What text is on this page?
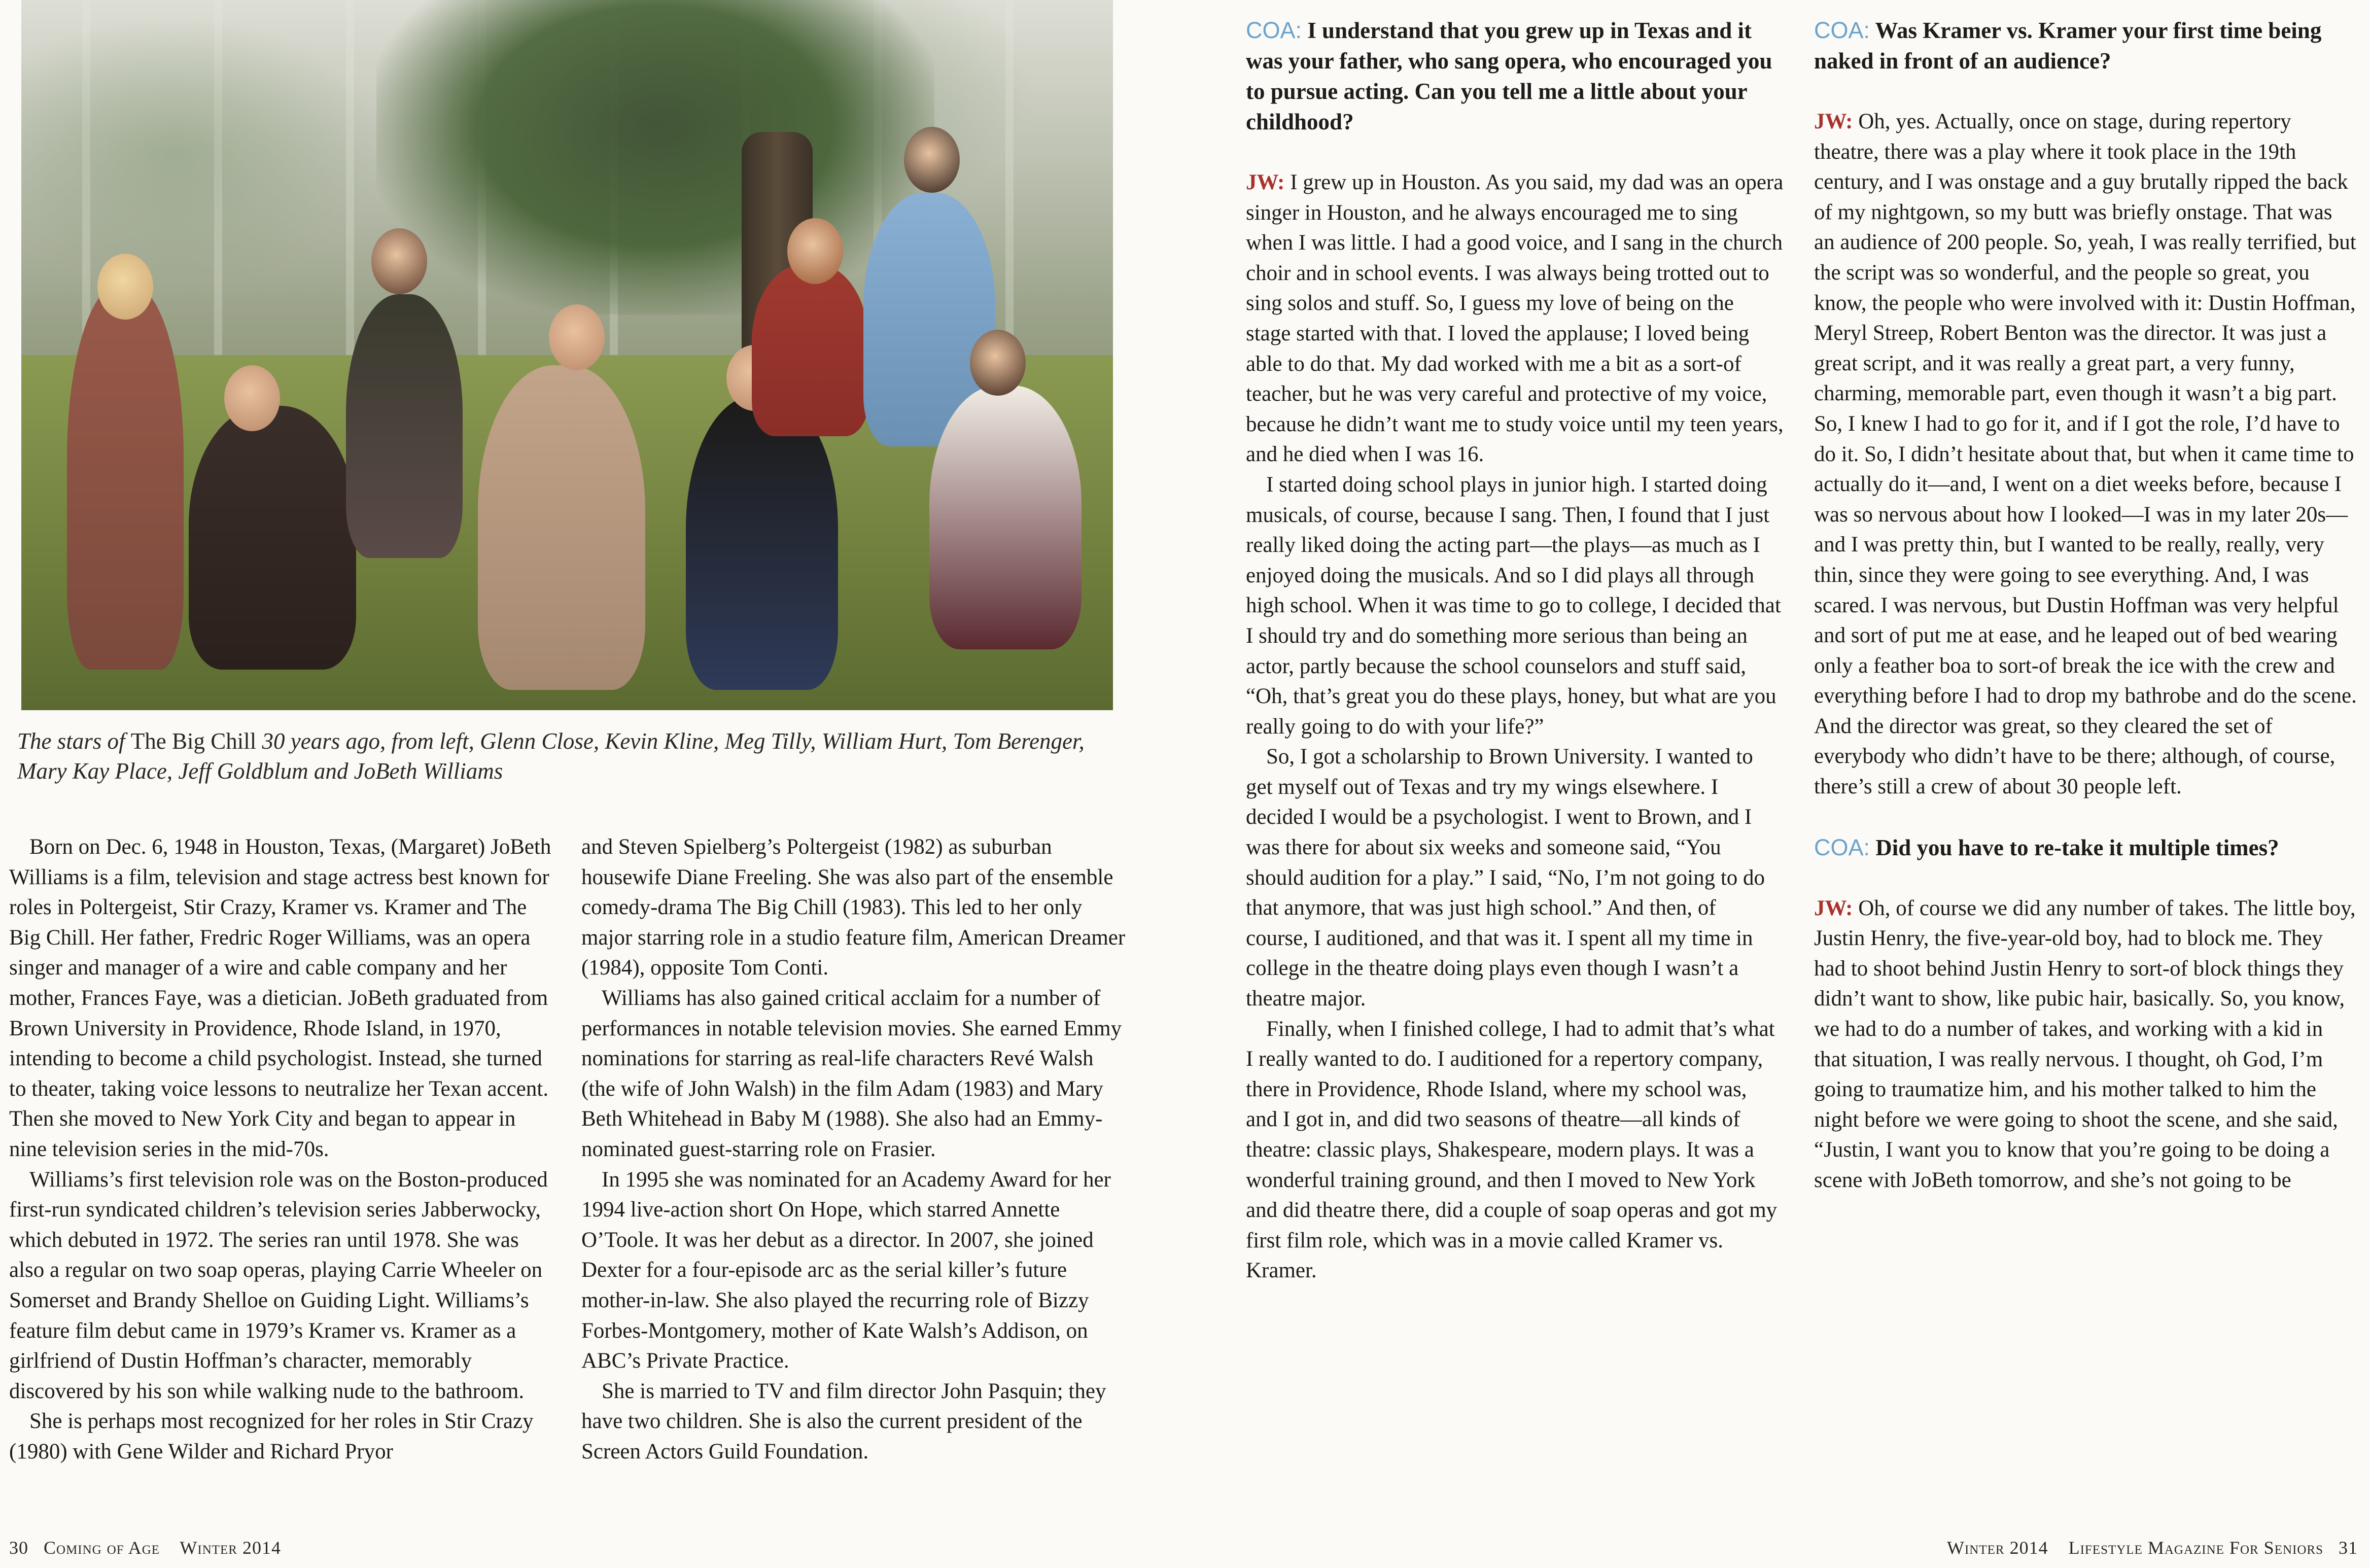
The stars of The Big Chill 30 years ago, from left, Glenn Close, Kevin Kline, Meg Tilly, William Hurt, Tom Berenger, Mary Kay Place, Jeff Goldblum and JoBeth Williams

Born on Dec. 6, 1948 in Houston, Texas, (Margaret) JoBeth Williams is a film, television and stage actress best known for roles in Poltergeist, Stir Crazy, Kramer vs. Kramer and The Big Chill. Her father, Fredric Roger Williams, was an opera singer and manager of a wire and cable company and her mother, Frances Faye, was a dietician. JoBeth graduated from Brown University in Providence, Rhode Island, in 1970, intending to become a child psychologist. Instead, she turned to theater, taking voice lessons to neutralize her Texan accent. Then she moved to New York City and began to appear in nine television series in the mid-70s.

Williams’s first television role was on the Boston-produced first-run syndicated children’s television series Jabberwocky, which debuted in 1972. The series ran until 1978. She was also a regular on two soap operas, playing Carrie Wheeler on Somerset and Brandy Shelloe on Guiding Light. Williams’s feature film debut came in 1979’s Kramer vs. Kramer as a girlfriend of Dustin Hoffman’s character, memorably discovered by his son while walking nude to the bathroom.

She is perhaps most recognized for her roles in Stir Crazy (1980) with Gene Wilder and Richard Pryor

and Steven Spielberg’s Poltergeist (1982) as suburban housewife Diane Freeling. She was also part of the ensemble comedy-drama The Big Chill (1983). This led to her only major starring role in a studio feature film, American Dreamer (1984), opposite Tom Conti.

Williams has also gained critical acclaim for a number of performances in notable television movies. She earned Emmy nominations for starring as real-life characters Revé Walsh (the wife of John Walsh) in the film Adam (1983) and Mary Beth Whitehead in Baby M (1988). She also had an Emmy-nominated guest-starring role on Frasier.

In 1995 she was nominated for an Academy Award for her 1994 live-action short On Hope, which starred Annette O’Toole. It was her debut as a director. In 2007, she joined Dexter for a four-episode arc as the serial killer’s future mother-in-law. She also played the recurring role of Bizzy Forbes-Montgomery, mother of Kate Walsh’s Addison, on ABC’s Private Practice.

She is married to TV and film director John Pasquin; they have two children. She is also the current president of the Screen Actors Guild Foundation.

30 Coming of Age Winter 2014

COA: I understand that you grew up in Texas and it was your father, who sang opera, who encouraged you to pursue acting. Can you tell me a little about your childhood?

JW: I grew up in Houston. As you said, my dad was an opera singer in Houston, and he always encouraged me to sing when I was little. I had a good voice, and I sang in the church choir and in school events. I was always being trotted out to sing solos and stuff. So, I guess my love of being on the stage started with that. I loved the applause; I loved being able to do that. My dad worked with me a bit as a sort-of teacher, but he was very careful and protective of my voice, because he didn’t want me to study voice until my teen years, and he died when I was 16.

I started doing school plays in junior high. I started doing musicals, of course, because I sang. Then, I found that I just really liked doing the acting part—the plays—as much as I enjoyed doing the musicals. And so I did plays all through high school. When it was time to go to college, I decided that I should try and do something more serious than being an actor, partly because the school counselors and stuff said, “Oh, that’s great you do these plays, honey, but what are you really going to do with your life?”

So, I got a scholarship to Brown University. I wanted to get myself out of Texas and try my wings elsewhere. I decided I would be a psychologist. I went to Brown, and I was there for about six weeks and someone said, “You should audition for a play.” I said, “No, I’m not going to do that anymore, that was just high school.” And then, of course, I auditioned, and that was it. I spent all my time in college in the theatre doing plays even though I wasn’t a theatre major.

Finally, when I finished college, I had to admit that’s what I really wanted to do. I auditioned for a repertory company, there in Providence, Rhode Island, where my school was, and I got in, and did two seasons of theatre—all kinds of theatre: classic plays, Shakespeare, modern plays. It was a wonderful training ground, and then I moved to New York and did theatre there, did a couple of soap operas and got my first film role, which was in a movie called Kramer vs. Kramer.

COA: Was Kramer vs. Kramer your first time being naked in front of an audience?

JW: Oh, yes. Actually, once on stage, during repertory theatre, there was a play where it took place in the 19th century, and I was onstage and a guy brutally ripped the back of my nightgown, so my butt was briefly onstage. That was an audience of 200 people. So, yeah, I was really terrified, but the script was so wonderful, and the people so great, you know, the people who were involved with it: Dustin Hoffman, Meryl Streep, Robert Benton was the director. It was just a great script, and it was really a great part, a very funny, charming, memorable part, even though it wasn’t a big part. So, I knew I had to go for it, and if I got the role, I’d have to do it. So, I didn’t hesitate about that, but when it came time to actually do it—and, I went on a diet weeks before, because I was so nervous about how I looked—I was in my later 20s—and I was pretty thin, but I wanted to be really, really, very thin, since they were going to see everything. And, I was scared. I was nervous, but Dustin Hoffman was very helpful and sort of put me at ease, and he leaped out of bed wearing only a feather boa to sort-of break the ice with the crew and everything before I had to drop my bathrobe and do the scene. And the director was great, so they cleared the set of everybody who didn’t have to be there; although, of course, there’s still a crew of about 30 people left.

COA: Did you have to re-take it multiple times?

JW: Oh, of course we did any number of takes. The little boy, Justin Henry, the five-year-old boy, had to block me. They had to shoot behind Justin Henry to sort-of block things they didn’t want to show, like pubic hair, basically. So, you know, we had to do a number of takes, and working with a kid in that situation, I was really nervous. I thought, oh God, I’m going to traumatize him, and his mother talked to him the night before we were going to shoot the scene, and she said, “Justin, I want you to know that you’re going to be doing a scene with JoBeth tomorrow, and she’s not going to be

Winter 2014 Lifestyle Magazine For Seniors 31
